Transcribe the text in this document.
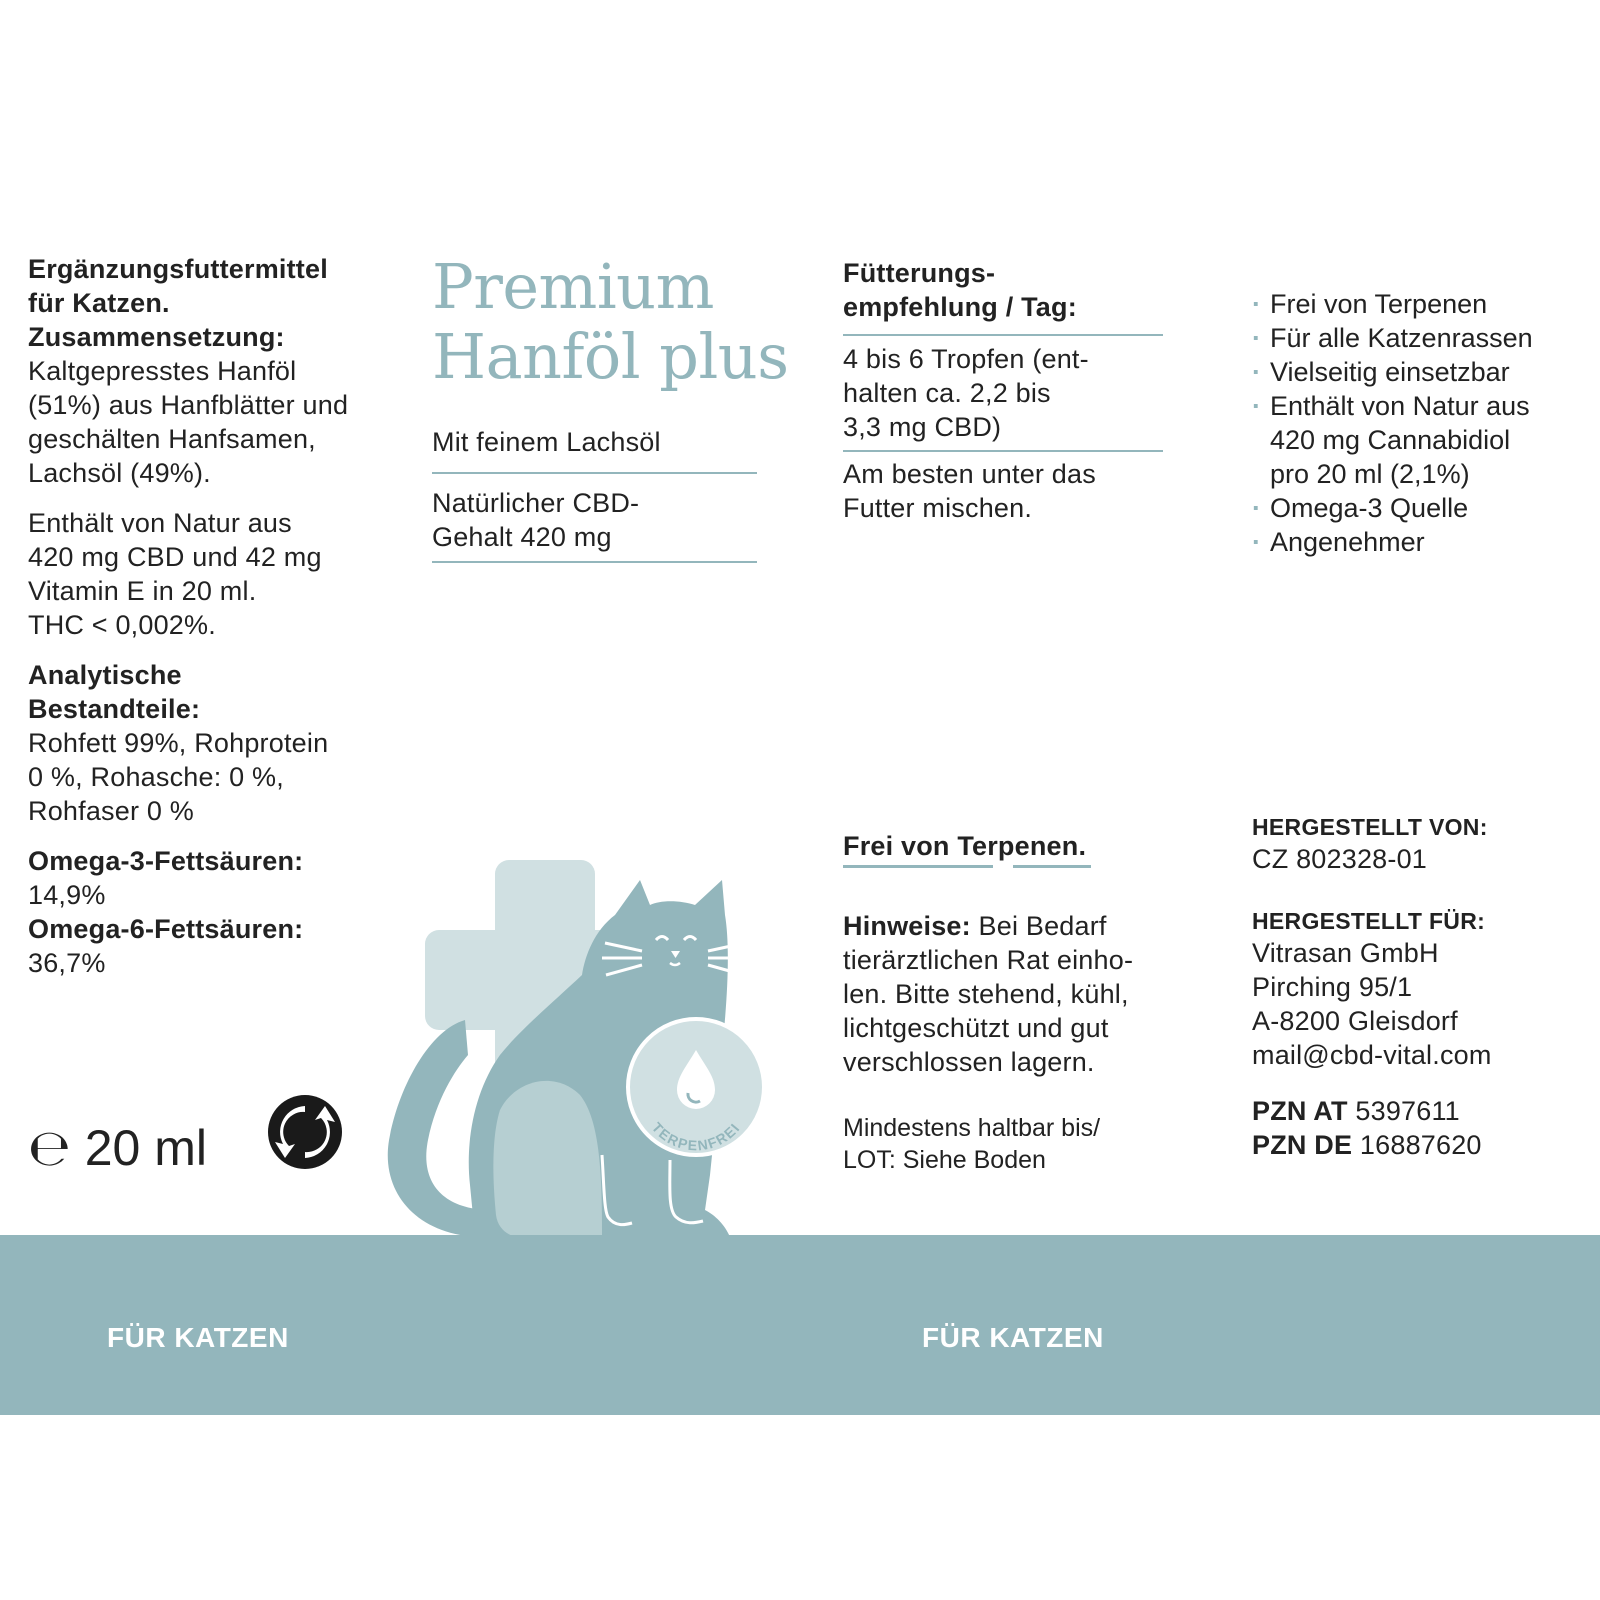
Ergänzungsfuttermittel
für Katzen.
Zusammensetzung:
Kaltgepresstes Hanföl
(51%) aus Hanfblätter und
geschälten Hanfsamen,
Lachsöl (49%).
Enthält von Natur aus
420 mg CBD und 42 mg
Vitamin E in 20 ml.
THC < 0,002%.
Analytische
Bestandteile:
Rohfett 99%, Rohprotein
0 %, Rohasche: 0 %,
Rohfaser 0 %
Omega-3-Fettsäuren:
14,9%
Omega-6-Fettsäuren:
36,7%
℮ 20 ml
Premium
Hanföl plus
Mit feinem Lachsöl
Natürlicher CBD-
Gehalt 420 mg
Fütterungs-
empfehlung / Tag:
4 bis 6 Tropfen (ent-
halten ca. 2,2 bis
3,3 mg CBD)
Am besten unter das
Futter mischen.
· Frei von Terpenen
· Für alle Katzenrassen
· Vielseitig einsetzbar
· Enthält von Natur aus
420 mg Cannabidiol
pro 20 ml (2,1%)
· Omega-3 Quelle
· Angenehmer
Frei von Terpenen.
Hinweise: Bei Bedarf
tierärztlichen Rat einho-
len. Bitte stehend, kühl,
lichtgeschützt und gut
verschlossen lagern.
Mindestens haltbar bis/
LOT: Siehe Boden
HERGESTELLT VON:
CZ 802328-01
HERGESTELLT FÜR:
Vitrasan GmbH
Pirching 95/1
A-8200 Gleisdorf
mail@cbd-vital.com
PZN AT 5397611
PZN DE 16887620
TERPENFREI
FÜR KATZEN	FÜR KATZEN
